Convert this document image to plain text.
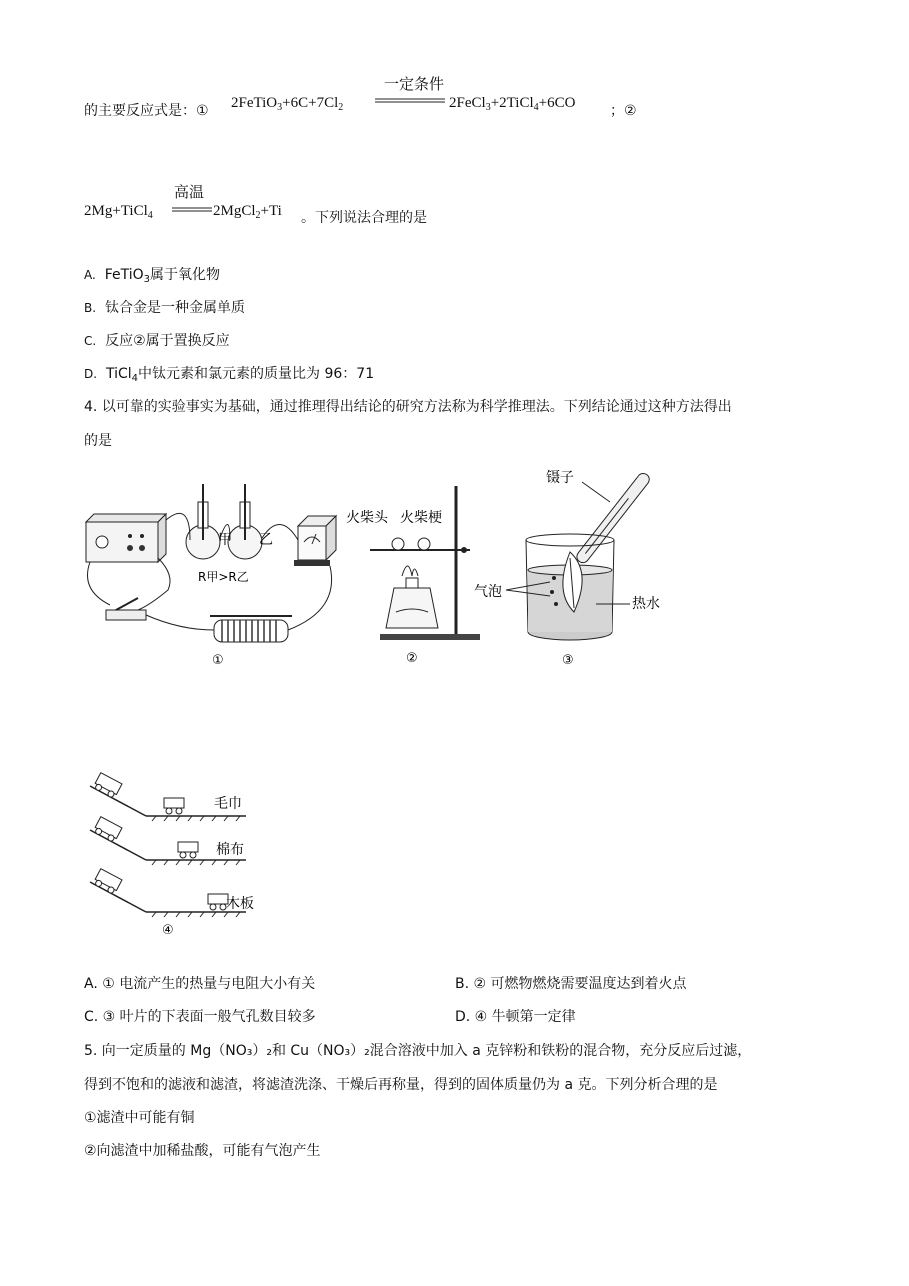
的主要反应式是：① $2FeTiO_3+6C+7Cl_2$
一定条件
2FeCl$_3$+2TiCl$_4$+6CO ；②
2Mg+TiCl$_4$
高温
2MgCl$_2$+Ti 。下列说法合理的是
A. FeTiO$_3$属于氧化物
B. 钛合金是一种金属单质
C. 反应②属于置换反应
D. TiCl$_4$中钛元素和氯元素的质量比为 96：71
4. 以可靠的实验事实为基础，通过推理得出结论的研究方法称为科学推理法。下列结论通过这种方法得出
的是
甲 乙
R甲>R乙
①
火柴头 火柴梗
②
镊子
气泡
热水
③
毛巾
棉布
木板
④
A. ① 电流产生的热量与电阻大小有关	B. ② 可燃物燃烧需要温度达到着火点
C. ③ 叶片的下表面一般气孔数目较多	D. ④ 牛顿第一定律
5. 向一定质量的 Mg（NO₃）₂和 Cu（NO₃）₂混合溶液中加入 a 克锌粉和铁粉的混合物，充分反应后过滤，
得到不饱和的滤液和滤渣，将滤渣洗涤、干燥后再称量，得到的固体质量仍为 a 克。下列分析合理的是
①滤渣中可能有铜
②向滤渣中加稀盐酸，可能有气泡产生
